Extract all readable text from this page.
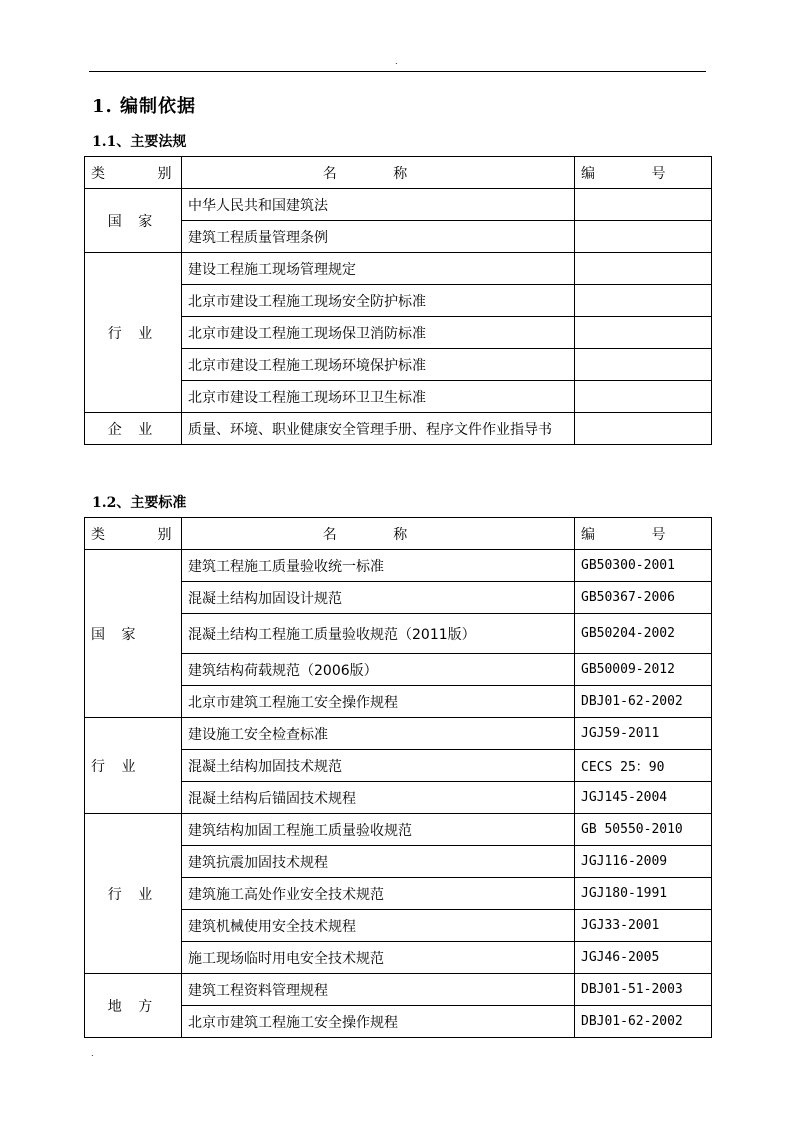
.
1. 编制依据
1.1、主要法规
类 别	名 称	编 号
国 家	中华人民共和国建筑法	
	建筑工程质量管理条例	
行 业	建设工程施工现场管理规定	
	北京市建设工程施工现场安全防护标准	
	北京市建设工程施工现场保卫消防标准	
	北京市建设工程施工现场环境保护标准	
	北京市建设工程施工现场环卫卫生标准	
企 业	质量、环境、职业健康安全管理手册、程序文件作业指导书	
1.2、主要标准
类 别	名 称	编 号
国 家	建筑工程施工质量验收统一标准	GB50300-2001
	混凝土结构加固设计规范	GB50367-2006
	混凝土结构工程施工质量验收规范（2011版）	GB50204-2002
	建筑结构荷载规范（2006版）	GB50009-2012
	北京市建筑工程施工安全操作规程	DBJ01-62-2002
行 业	建设施工安全检查标准	JGJ59-2011
	混凝土结构加固技术规范	CECS 25：90
	混凝土结构后锚固技术规程	JGJ145-2004
行 业	建筑结构加固工程施工质量验收规范	GB 50550-2010
	建筑抗震加固技术规程	JGJ116-2009
	建筑施工高处作业安全技术规范	JGJ180-1991
	建筑机械使用安全技术规程	JGJ33-2001
	施工现场临时用电安全技术规范	JGJ46-2005
地 方	建筑工程资料管理规程	DBJ01-51-2003
	北京市建筑工程施工安全操作规程	DBJ01-62-2002
.
